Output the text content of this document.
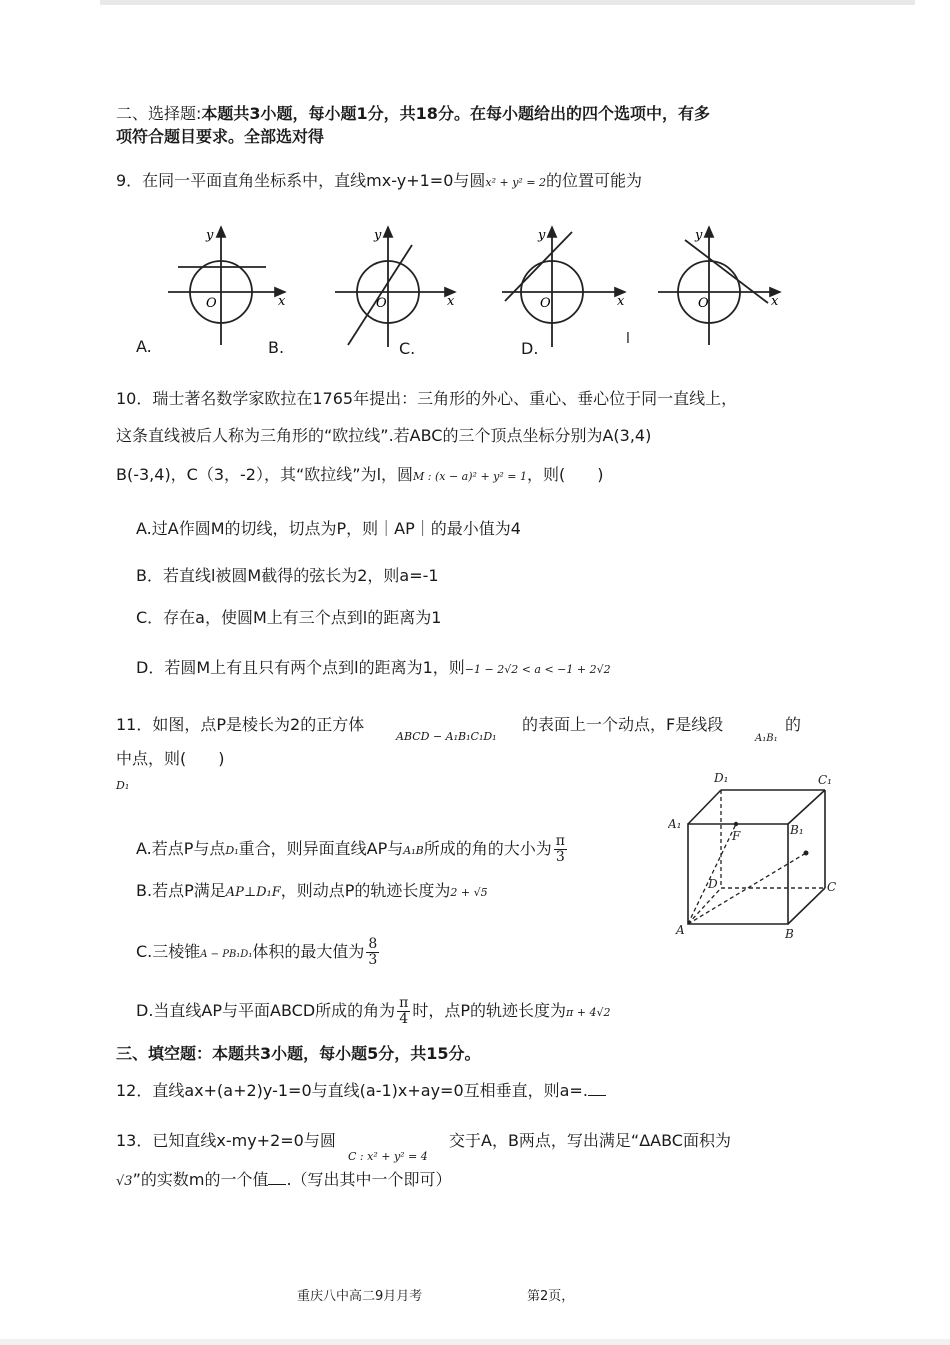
二、选择题:本题共3小题，每小题1分，共18分。在每小题给出的四个选项中，有多
项符合题目要求。全部选对得
9．在同一平面直角坐标系中，直线mx-y+1=0与圆x² + y² = 2的位置可能为
y
x
O
y
x
O
y
x
O
y
x
O
A.	B.	C.	D.	l
10．瑞士著名数学家欧拉在1765年提出：三角形的外心、重心、垂心位于同一直线上，
这条直线被后人称为三角形的“欧拉线”.若ABC的三个顶点坐标分别为A(3,4)
B(-3,4)，C（3，-2），其“欧拉线”为l，圆M : (x − a)² + y² = 1，则(　　)
A.过A作圆M的切线，切点为P，则｜AP｜的最小值为4
B．若直线l被圆M截得的弦长为2，则a=-1
C．存在a，使圆M上有三个点到l的距离为1
D．若圆M上有且只有两个点到l的距离为1，则−1 − 2√2 < a < −1 + 2√2
11．如图，点P是棱长为2的正方体
ABCD − A₁B₁C₁D₁
的表面上一个动点，F是线段
A₁B₁
的
中点，则(　　)
D₁
A.若点P与点D₁重合，则异面直线AP与A₁B所成的角的大小为 $\frac{\pi}{3}$
B.若点P满足AP⊥D₁F，则动点P的轨迹长度为2 + √5
C.三棱锥A − PB₁D₁体积的最大值为 $\frac{8}{3}$
D.当直线AP与平面ABCD所成的角为 $\frac{\pi}{4}$ 时，点P的轨迹长度为π + 4√2
D₁	C₁
A₁	B₁
F
D	C
A	B
三、填空题：本题共3小题，每小题5分，共15分。
12．直线ax+(a+2)y-1=0与直线(a-1)x+ay=0互相垂直，则a=.
13．已知直线x-my+2=0与圆
C : x² + y² = 4
交于A，B两点，写出满足“ΔABC面积为
√3”的实数m的一个值 .（写出其中一个即可）
重庆八中高二9月月考	第2页，
